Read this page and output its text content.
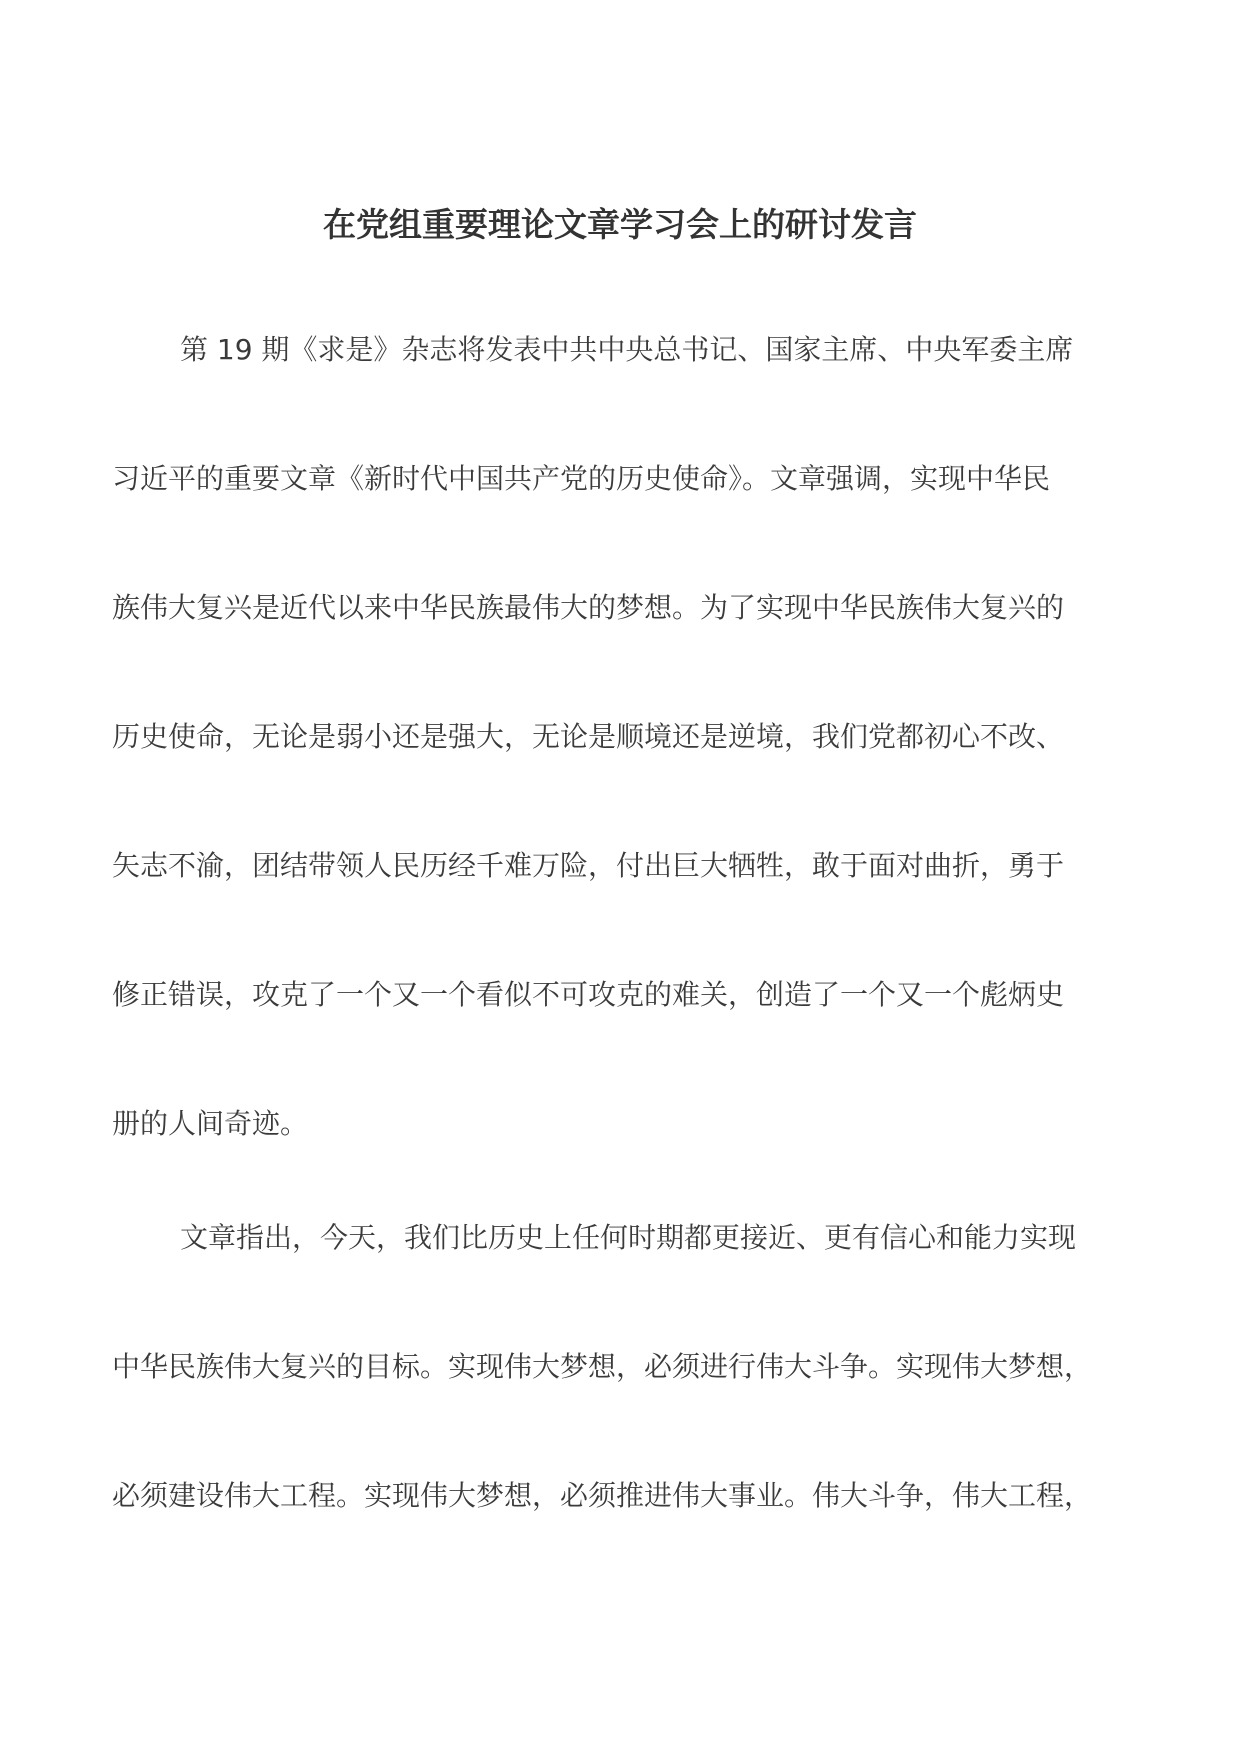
在党组重要理论文章学习会上的研讨发言
第 19 期《求是》杂志将发表中共中央总书记、国家主席、中央军委主席
习近平的重要文章《新时代中国共产党的历史使命》。文章强调，实现中华民
族伟大复兴是近代以来中华民族最伟大的梦想。为了实现中华民族伟大复兴的
历史使命，无论是弱小还是强大，无论是顺境还是逆境，我们党都初心不改、
矢志不渝，团结带领人民历经千难万险，付出巨大牺牲，敢于面对曲折，勇于
修正错误，攻克了一个又一个看似不可攻克的难关，创造了一个又一个彪炳史
册的人间奇迹。
文章指出，今天，我们比历史上任何时期都更接近、更有信心和能力实现
中华民族伟大复兴的目标。实现伟大梦想，必须进行伟大斗争。实现伟大梦想，
必须建设伟大工程。实现伟大梦想，必须推进伟大事业。伟大斗争，伟大工程，
